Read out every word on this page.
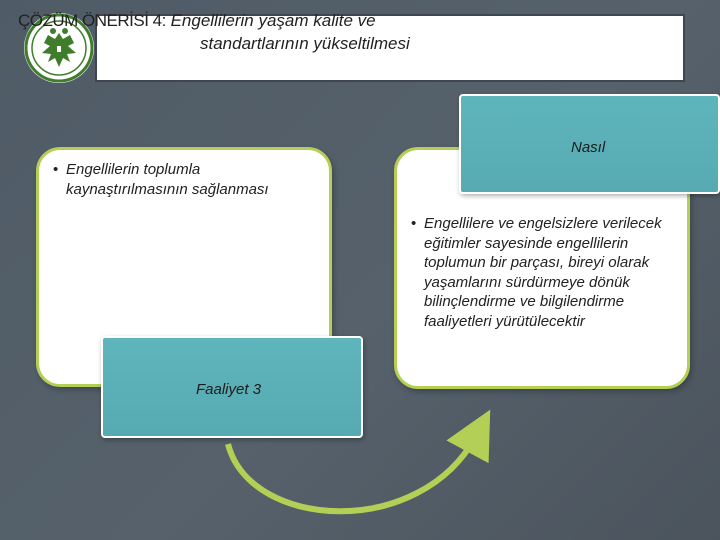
ÇÖZÜM ÖNERİSİ 4: Engellilerin yaşam kalite ve
standartlarının yükseltilmesi
Nasıl
• Engellilerin toplumla kaynaştırılmasının sağlanması
• Engellilere ve engelsizlere verilecek eğitimler sayesinde engellilerin toplumun bir parçası, bireyi olarak yaşamlarını sürdürmeye dönük bilinçlendirme ve bilgilendirme faaliyetleri yürütülecektir
Faaliyet 3
